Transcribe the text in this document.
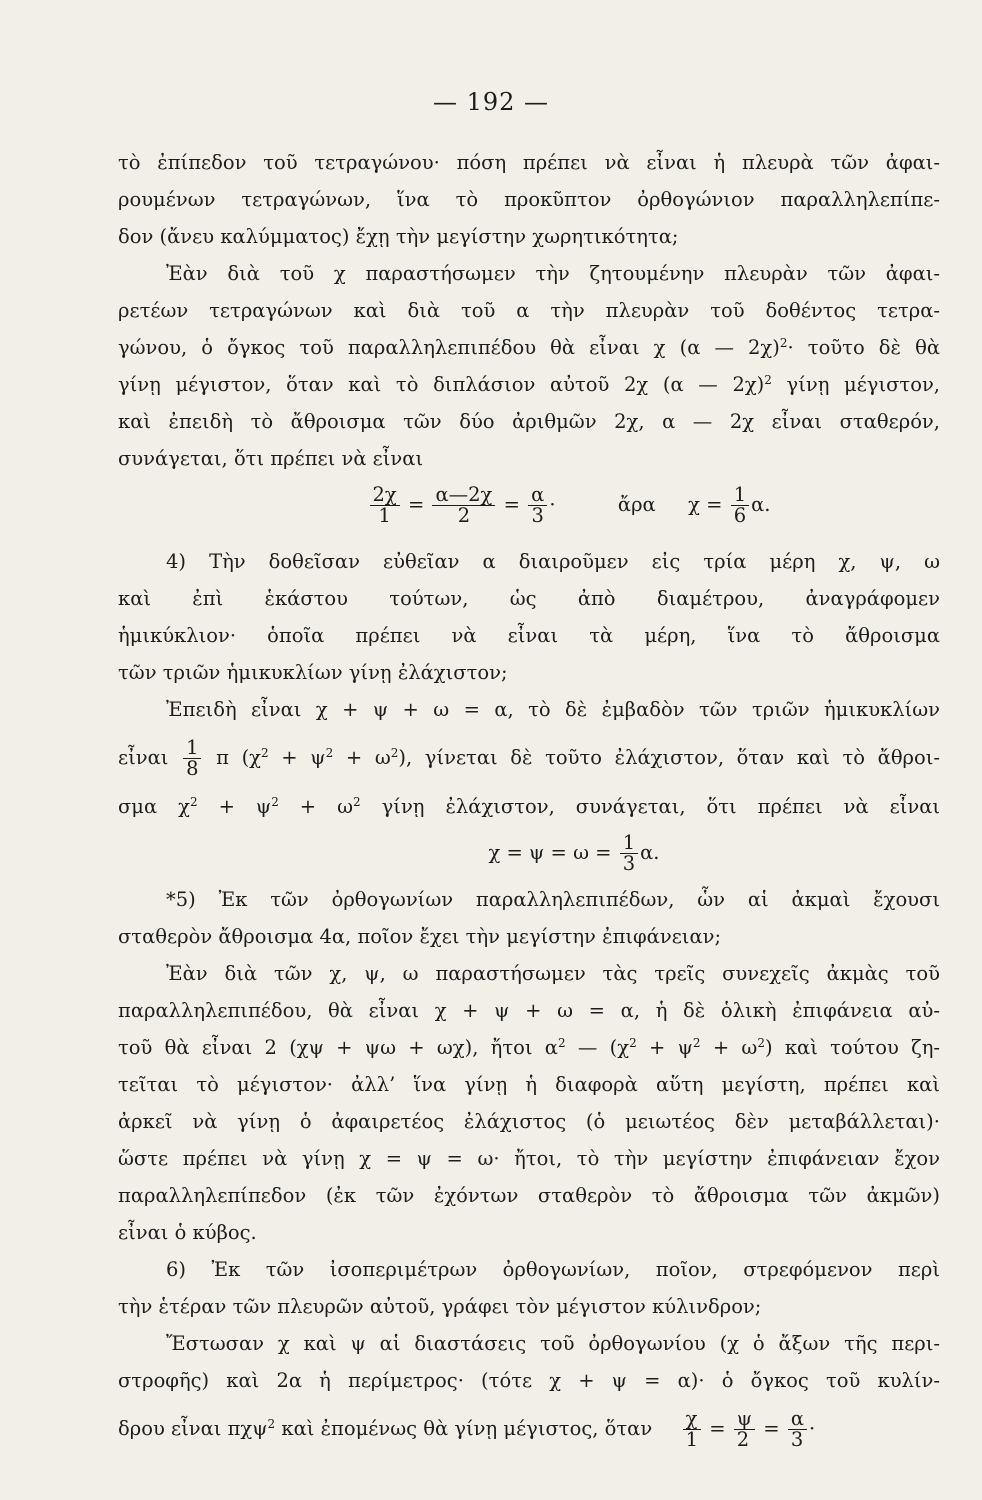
— 192 —
τὸ ἐπίπεδον τοῦ τετραγώνου· πόση πρέπει νὰ εἶναι ἡ πλευρὰ τῶν ἀφαι-
ρουμένων τετραγώνων, ἵνα τὸ προκῦπτον ὀρθογώνιον παραλληλεπίπε-
δον (ἄνευ καλύμματος) ἔχῃ τὴν μεγίστην χωρητικότητα;
Ἐὰν διὰ τοῦ χ παραστήσωμεν τὴν ζητουμένην πλευρὰν τῶν ἀφαι-
ρετέων τετραγώνων καὶ διὰ τοῦ α τὴν πλευρὰν τοῦ δοθέντος τετρα-
γώνου, ὁ ὄγκος τοῦ παραλληλεπιπέδου θὰ εἶναι χ (α — 2χ)$^2$· τοῦτο δὲ θὰ
γίνῃ μέγιστον, ὅταν καὶ τὸ διπλάσιον αὐτοῦ 2χ (α — 2χ)$^2$ γίνῃ μέγιστον,
καὶ ἐπειδὴ τὸ ἄθροισμα τῶν δύο ἀριθμῶν 2χ, α — 2χ εἶναι σταθερόν,
συνάγεται, ὅτι πρέπει νὰ εἶναι
$\frac{2\chi}{1} = \frac{\alpha—2\chi}{2} = \frac{\alpha}{3}$ ·	ἄρα $\chi = \frac{1}{6} \alpha$.
4) Τὴν δοθεῖσαν εὐθεῖαν α διαιροῦμεν εἰς τρία μέρη χ, ψ, ω
καὶ ἐπὶ ἑκάστου τούτων, ὡς ἀπὸ διαμέτρου, ἀναγράφομεν
ἡμικύκλιον· ὁποῖα πρέπει νὰ εἶναι τὰ μέρη, ἵνα τὸ ἄθροισμα
τῶν τριῶν ἡμικυκλίων γίνῃ ἐλάχιστον;
Ἐπειδὴ εἶναι χ + ψ + ω = α, τὸ δὲ ἐμβαδὸν τῶν τριῶν ἡμικυκλίων
εἶναι $\frac{1}{8}$ π $(\chi^2 + \psi^2 + \omega^2)$, γίνεται δὲ τοῦτο ἐλάχιστον, ὅταν καὶ τὸ ἄθροι-
σμα $\chi^2 + \psi^2 + \omega^2$ γίνῃ ἐλάχιστον, συνάγεται, ὅτι πρέπει νὰ εἶναι
$\chi = \psi = \omega = \frac{1}{3} \alpha$.
*5) Ἐκ τῶν ὀρθογωνίων παραλληλεπιπέδων, ὧν αἱ ἀκμαὶ ἔχουσι
σταθερὸν ἄθροισμα 4α, ποῖον ἔχει τὴν μεγίστην ἐπιφάνειαν;
Ἐὰν διὰ τῶν χ, ψ, ω παραστήσωμεν τὰς τρεῖς συνεχεῖς ἀκμὰς τοῦ
παραλληλεπιπέδου, θὰ εἶναι χ + ψ + ω = α, ἡ δὲ ὁλικὴ ἐπιφάνεια αὐ-
τοῦ θὰ εἶναι 2 (χψ + ψω + ωχ), ἤτοι $\alpha^2$ — $(\chi^2 + \psi^2 + \omega^2)$ καὶ τούτου ζη-
τεῖται τὸ μέγιστον· ἀλλ’ ἵνα γίνῃ ἡ διαφορὰ αὕτη μεγίστη, πρέπει καὶ
ἀρκεῖ νὰ γίνῃ ὁ ἀφαιρετέος ἐλάχιστος (ὁ μειωτέος δὲν μεταβάλλεται)·
ὥστε πρέπει νὰ γίνῃ χ = ψ = ω· ἤτοι, τὸ τὴν μεγίστην ἐπιφάνειαν ἔχον
παραλληλεπίπεδον (ἐκ τῶν ἐχόντων σταθερὸν τὸ ἄθροισμα τῶν ἀκμῶν)
εἶναι ὁ κύβος.
6) Ἐκ τῶν ἰσοπεριμέτρων ὀρθογωνίων, ποῖον, στρεφόμενον περὶ
τὴν ἑτέραν τῶν πλευρῶν αὐτοῦ, γράφει τὸν μέγιστον κύλινδρον;
Ἔστωσαν χ καὶ ψ αἱ διαστάσεις τοῦ ὀρθογωνίου (χ ὁ ἄξων τῆς περι-
στροφῆς) καὶ 2α ἡ περίμετρος· (τότε χ + ψ = α)· ὁ ὄγκος τοῦ κυλίν-
δρου εἶναι πχψ$^2$ καὶ ἐπομένως θὰ γίνῃ μέγιστος, ὅταν $\frac{\chi}{1} = \frac{\psi}{2} = \frac{\alpha}{3}$ ·
